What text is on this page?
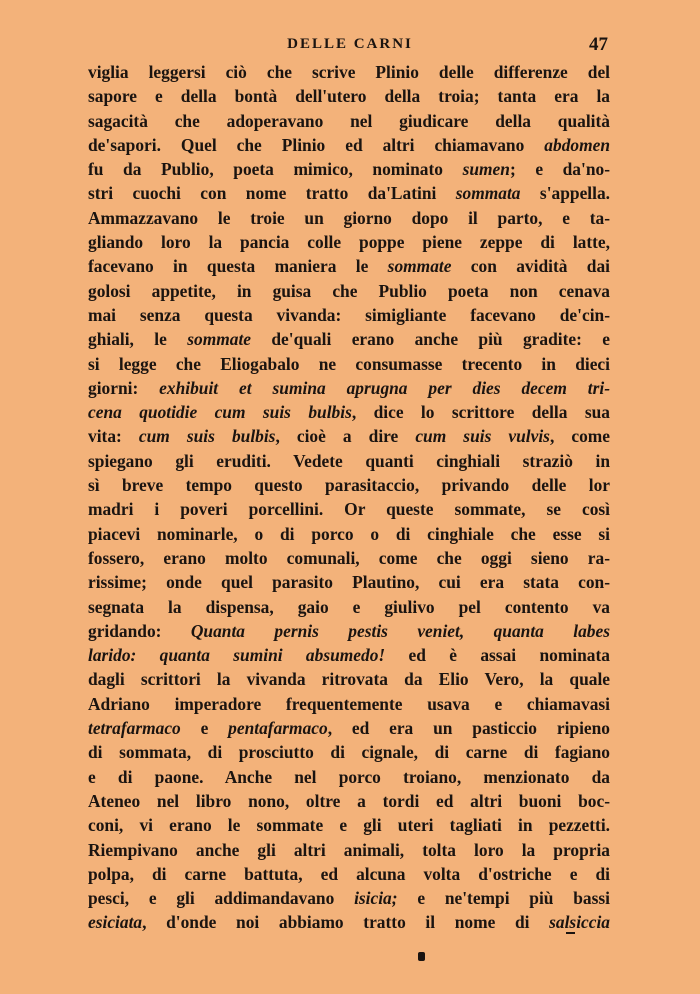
DELLE CARNI	47
viglia leggersi ciò che scrive Plinio delle differenze del
sapore e della bontà dell'utero della troia; tanta era la
sagacità che adoperavano nel giudicare della qualità
de'sapori. Quel che Plinio ed altri chiamavano abdomen
fu da Publio, poeta mimico, nominato sumen; e da'no-
stri cuochi con nome tratto da'Latini sommata s'appella.
Ammazzavano le troie un giorno dopo il parto, e ta-
gliando loro la pancia colle poppe piene zeppe di latte,
facevano in questa maniera le sommate con avidità dai
golosi appetite, in guisa che Publio poeta non cenava
mai senza questa vivanda: simigliante facevano de'cin-
ghiali, le sommate de'quali erano anche più gradite: e
si legge che Eliogabalo ne consumasse trecento in dieci
giorni: exhibuit et sumina aprugna per dies decem tri-
cena quotidie cum suis bulbis, dice lo scrittore della sua
vita: cum suis bulbis, cioè a dire cum suis vulvis, come
spiegano gli eruditi. Vedete quanti cinghiali straziò in
sì breve tempo questo parasitaccio, privando delle lor
madri i poveri porcellini. Or queste sommate, se così
piacevi nominarle, o di porco o di cinghiale che esse si
fossero, erano molto comunali, come che oggi sieno ra-
rissime; onde quel parasito Plautino, cui era stata con-
segnata la dispensa, gaio e giulivo pel contento va
gridando: Quanta pernis pestis veniet, quanta labes
larido: quanta sumini absumedo! ed è assai nominata
dagli scrittori la vivanda ritrovata da Elio Vero, la quale
Adriano imperadore frequentemente usava e chiamavasi
tetrafarmaco e pentafarmaco, ed era un pasticcio ripieno
di sommata, di prosciutto di cignale, di carne di fagiano
e di paone. Anche nel porco troiano, menzionato da
Ateneo nel libro nono, oltre a tordi ed altri buoni boc-
coni, vi erano le sommate e gli uteri tagliati in pezzetti.
Riempivano anche gli altri animali, tolta loro la propria
polpa, di carne battuta, ed alcuna volta d'ostriche e di
pesci, e gli addimandavano isicia; e ne'tempi più bassi
esiciata, d'onde noi abbiamo tratto il nome di salsiccia
